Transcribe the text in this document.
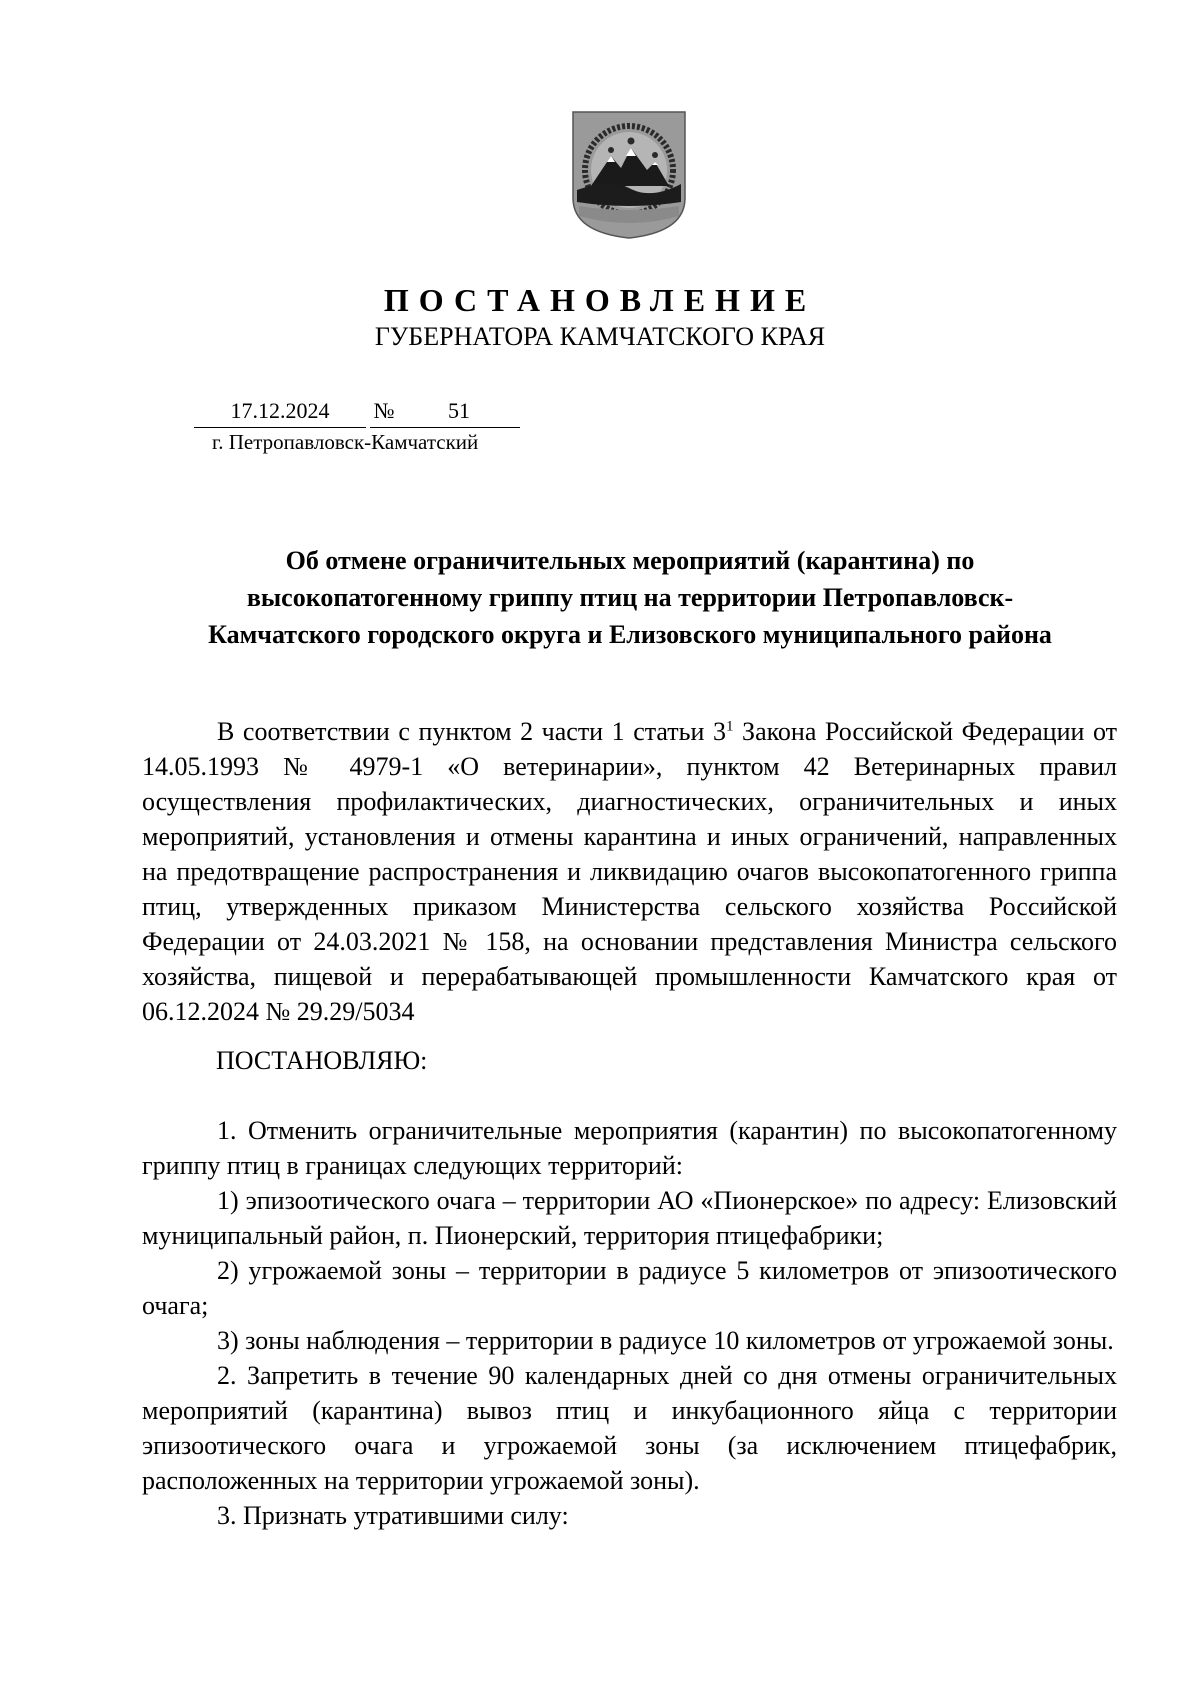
ПОСТАНОВЛЕНИЕ
ГУБЕРНАТОРА КАМЧАТСКОГО КРАЯ
17.12.2024	№	51
г. Петропавловск-Камчатский
Об отмене ограничительных мероприятий (карантина) по
высокопатогенному гриппу птиц на территории Петропавловск-
Камчатского городского округа и Елизовского муниципального района

В соответствии с пунктом 2 части 1 статьи $3^1$ Закона Российской Федерации от 14.05.1993 № 4979-1 «О ветеринарии», пунктом 42 Ветеринарных правил осуществления профилактических, диагностических, ограничительных и иных мероприятий, установления и отмены карантина и иных ограничений, направленных на предотвращение распространения и ликвидацию очагов высокопатогенного гриппа птиц, утвержденных приказом Министерства сельского хозяйства Российской Федерации от 24.03.2021 № 158, на основании представления Министра сельского хозяйства, пищевой и перерабатывающей промышленности Камчатского края от 06.12.2024 № 29.29/5034

ПОСТАНОВЛЯЮ:

1. Отменить ограничительные мероприятия (карантин) по высокопатогенному гриппу птиц в границах следующих территорий:

1) эпизоотического очага – территории АО «Пионерское» по адресу: Елизовский муниципальный район, п. Пионерский, территория птицефабрики;

2) угрожаемой зоны – территории в радиусе 5 километров от эпизоотического очага;

3) зоны наблюдения – территории в радиусе 10 километров от угрожаемой зоны.

2. Запретить в течение 90 календарных дней со дня отмены ограничительных мероприятий (карантина) вывоз птиц и инкубационного яйца с территории эпизоотического очага и угрожаемой зоны (за исключением птицефабрик, расположенных на территории угрожаемой зоны).

3. Признать утратившими силу:
